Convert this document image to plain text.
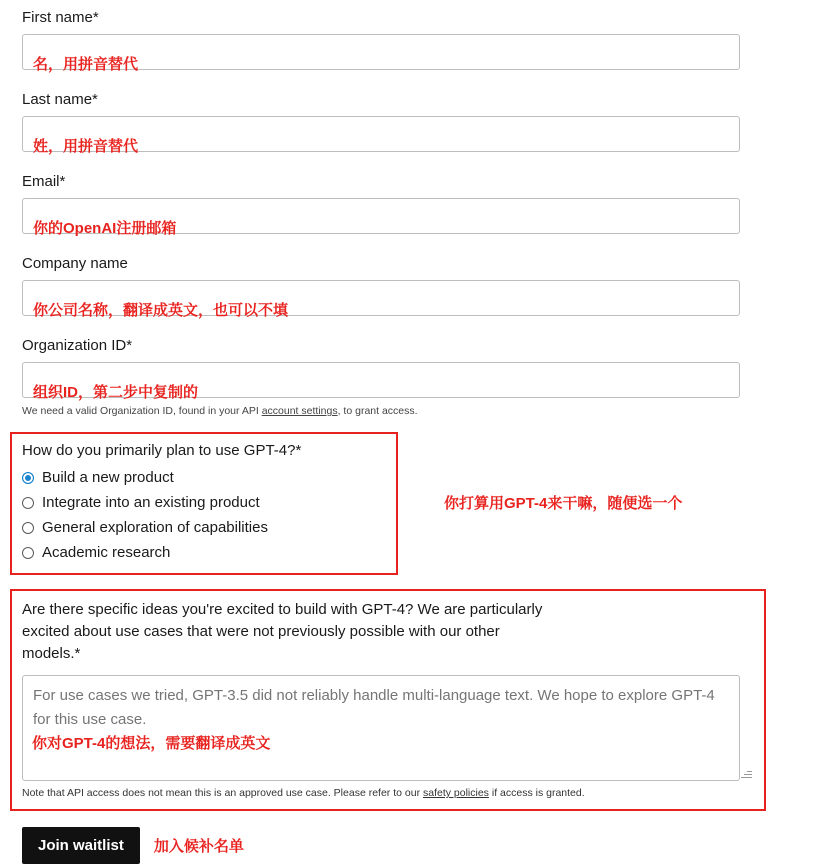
First name*
名，用拼音替代
Last name*
姓，用拼音替代
Email*
你的OpenAI注册邮箱
Company name
你公司名称，翻译成英文，也可以不填
Organization ID*
组织ID，第二步中复制的
We need a valid Organization ID, found in your API account settings, to grant access.
How do you primarily plan to use GPT-4?*
Build a new product
Integrate into an existing product
General exploration of capabilities
Academic research
你打算用GPT-4来干嘛，随便选一个
Are there specific ideas you're excited to build with GPT-4? We are particularly excited about use cases that were not previously possible with our other models.*
For use cases we tried, GPT-3.5 did not reliably handle multi-language text. We hope to explore GPT-4 for this use case.
你对GPT-4的想法，需要翻译成英文
Note that API access does not mean this is an approved use case. Please refer to our safety policies if access is granted.
Join waitlist	加入候补名单
